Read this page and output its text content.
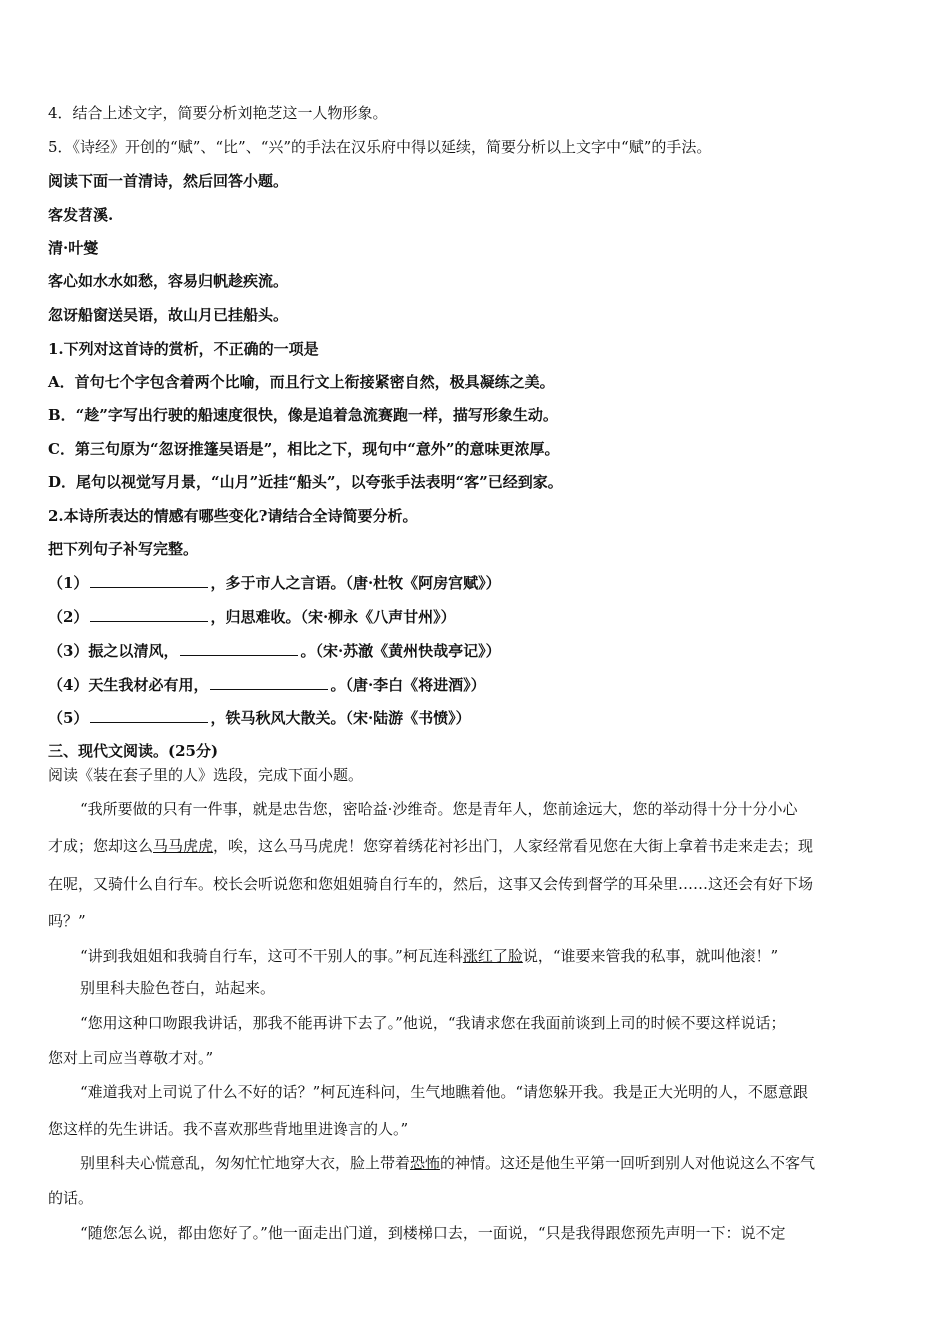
4．结合上述文字，简要分析刘艳芝这一人物形象。
5．《诗经》开创的“赋”、“比”、“兴”的手法在汉乐府中得以延续，简要分析以上文字中“赋”的手法。
阅读下面一首清诗，然后回答小题。
客发苕溪.
清·叶燮
客心如水水如愁，容易归帆趁疾流。
忽讶船窗送吴语，故山月已挂船头。
1.下列对这首诗的赏析，不正确的一项是
A．首句七个字包含着两个比喻，而且行文上衔接紧密自然，极具凝练之美。
B．“趁”字写出行驶的船速度很快，像是追着急流赛跑一样，描写形象生动。
C．第三句原为“忽讶推篷吴语是”，相比之下，现句中“意外”的意味更浓厚。
D．尾句以视觉写月景，“山月”近挂“船头”，以夸张手法表明“客”已经到家。
2.本诗所表达的情感有哪些变化?请结合全诗简要分析。
把下列句子补写完整。
（1）	，多于市人之言语。（唐·杜牧《阿房宫赋》）
（2）	，归思难收。（宋·柳永《八声甘州》）
（3）振之以清风，	。（宋·苏澈《黄州快哉亭记》）
（4）天生我材必有用，	。（唐·李白《将进酒》）
（5）	，铁马秋风大散关。（宋·陆游《书愤》）
三、现代文阅读。(25分)
阅读《装在套子里的人》选段，完成下面小题。
“我所要做的只有一件事，就是忠告您，密哈益·沙维奇。您是青年人，您前途远大，您的举动得十分十分小心
才成；您却这么马马虎虎，唉，这么马马虎虎！您穿着绣花衬衫出门，人家经常看见您在大街上拿着书走来走去；现
在呢，又骑什么自行车。校长会听说您和您姐姐骑自行车的，然后，这事又会传到督学的耳朵里……这还会有好下场
吗？”
“讲到我姐姐和我骑自行车，这可不干别人的事。”柯瓦连科涨红了脸说，“谁要来管我的私事，就叫他滚！”
别里科夫脸色苍白，站起来。
“您用这种口吻跟我讲话，那我不能再讲下去了。”他说，“我请求您在我面前谈到上司的时候不要这样说话；
您对上司应当尊敬才对。”
“难道我对上司说了什么不好的话？”柯瓦连科问，生气地瞧着他。“请您躲开我。我是正大光明的人，不愿意跟
您这样的先生讲话。我不喜欢那些背地里进谗言的人。”
别里科夫心慌意乱，匆匆忙忙地穿大衣，脸上带着恐怖的神情。这还是他生平第一回听到别人对他说这么不客气
的话。
“随您怎么说，都由您好了。”他一面走出门道，到楼梯口去，一面说，“只是我得跟您预先声明一下：说不定
